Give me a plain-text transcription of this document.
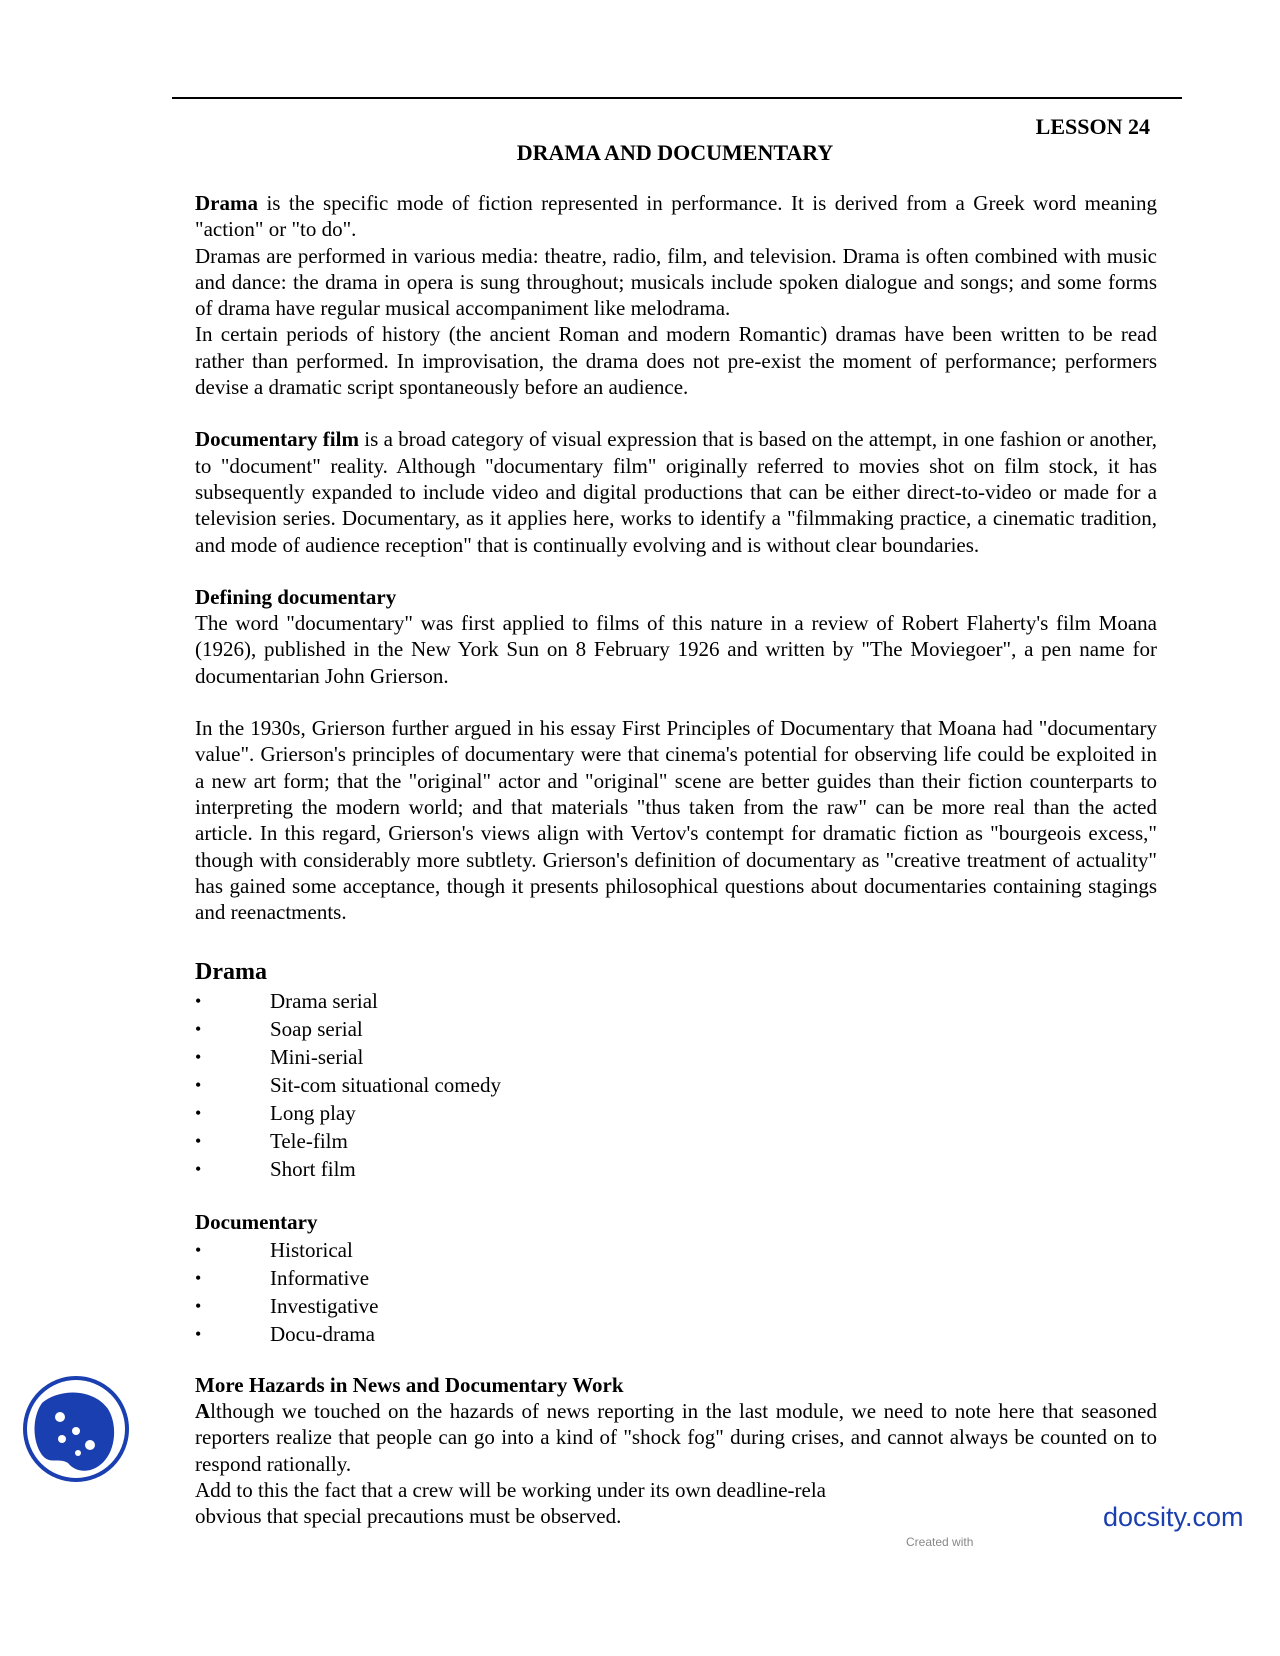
LESSON 24
DRAMA AND DOCUMENTARY

Drama is the specific mode of fiction represented in performance. It is derived from a Greek word meaning "action" or "to do".

Dramas are performed in various media: theatre, radio, film, and television. Drama is often combined with music and dance: the drama in opera is sung throughout; musicals include spoken dialogue and songs; and some forms of drama have regular musical accompaniment like melodrama.

In certain periods of history (the ancient Roman and modern Romantic) dramas have been written to be read rather than performed. In improvisation, the drama does not pre-exist the moment of performance; performers devise a dramatic script spontaneously before an audience.

Documentary film is a broad category of visual expression that is based on the attempt, in one fashion or another, to "document" reality. Although "documentary film" originally referred to movies shot on film stock, it has subsequently expanded to include video and digital productions that can be either direct-to-video or made for a television series. Documentary, as it applies here, works to identify a "filmmaking practice, a cinematic tradition, and mode of audience reception" that is continually evolving and is without clear boundaries.

Defining documentary

The word "documentary" was first applied to films of this nature in a review of Robert Flaherty's film Moana (1926), published in the New York Sun on 8 February 1926 and written by "The Moviegoer", a pen name for documentarian John Grierson.

In the 1930s, Grierson further argued in his essay First Principles of Documentary that Moana had "documentary value". Grierson's principles of documentary were that cinema's potential for observing life could be exploited in a new art form; that the "original" actor and "original" scene are better guides than their fiction counterparts to interpreting the modern world; and that materials "thus taken from the raw" can be more real than the acted article. In this regard, Grierson's views align with Vertov's contempt for dramatic fiction as "bourgeois excess," though with considerably more subtlety. Grierson's definition of documentary as "creative treatment of actuality" has gained some acceptance, though it presents philosophical questions about documentaries containing stagings and reenactments.

Drama
•	Drama serial
•	Soap serial
•	Mini-serial
•	Sit-com situational comedy
•	Long play
•	Tele-film
•	Short film
Documentary
•	Historical
•	Informative
•	Investigative
•	Docu-drama
More Hazards in News and Documentary Work

Although we touched on the hazards of news reporting in the last module, we need to note here that seasoned reporters realize that people can go into a kind of "shock fog" during crises, and cannot always be counted on to respond rationally.

Add to this the fact that a crew will be working under its own deadline-rela
obvious that special precautions must be observed.
Created with
docsity.com
